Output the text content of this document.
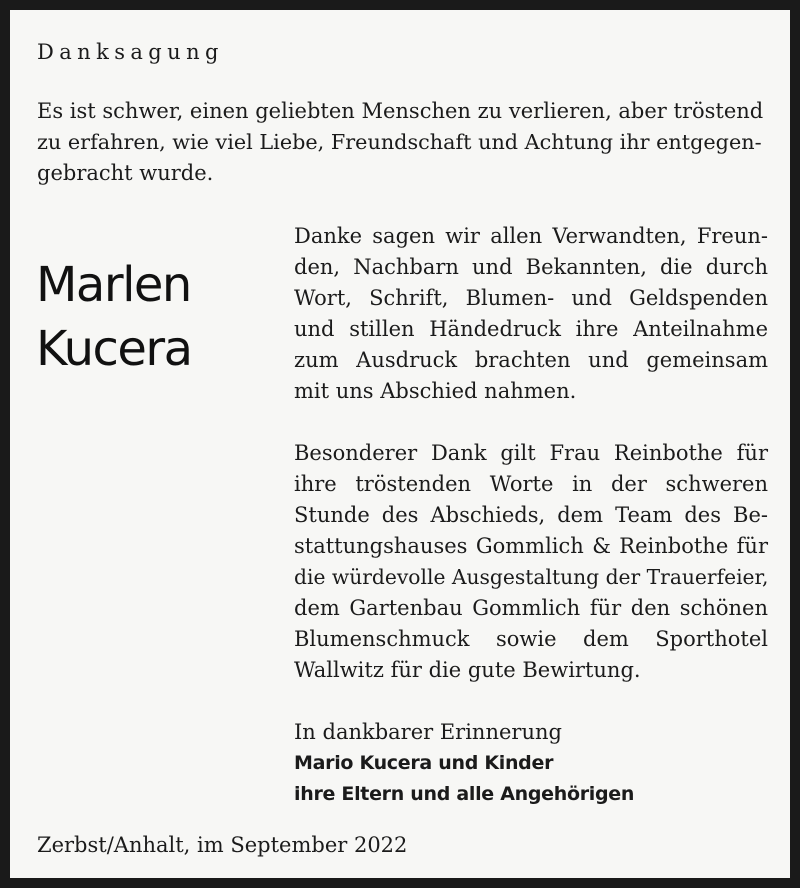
Danksagung
Es ist schwer, einen geliebten Menschen zu verlieren, aber tröstend
zu erfahren, wie viel Liebe, Freundschaft und Achtung ihr entgegen-
gebracht wurde.
Marlen
Kucera
Danke sagen wir allen Verwandten, Freun-
den, Nachbarn und Bekannten, die durch
Wort, Schrift, Blumen- und Geldspenden
und stillen Händedruck ihre Anteilnahme
zum Ausdruck brachten und gemeinsam
mit uns Abschied nahmen.
Besonderer Dank gilt Frau Reinbothe für
ihre tröstenden Worte in der schweren
Stunde des Abschieds, dem Team des Be-
stattungshauses Gommlich & Reinbothe für
die würdevolle Ausgestaltung der Trauerfeier,
dem Gartenbau Gommlich für den schönen
Blumenschmuck sowie dem Sporthotel
Wallwitz für die gute Bewirtung.
In dankbarer Erinnerung
Mario Kucera und Kinder
ihre Eltern und alle Angehörigen
Zerbst/Anhalt, im September 2022
